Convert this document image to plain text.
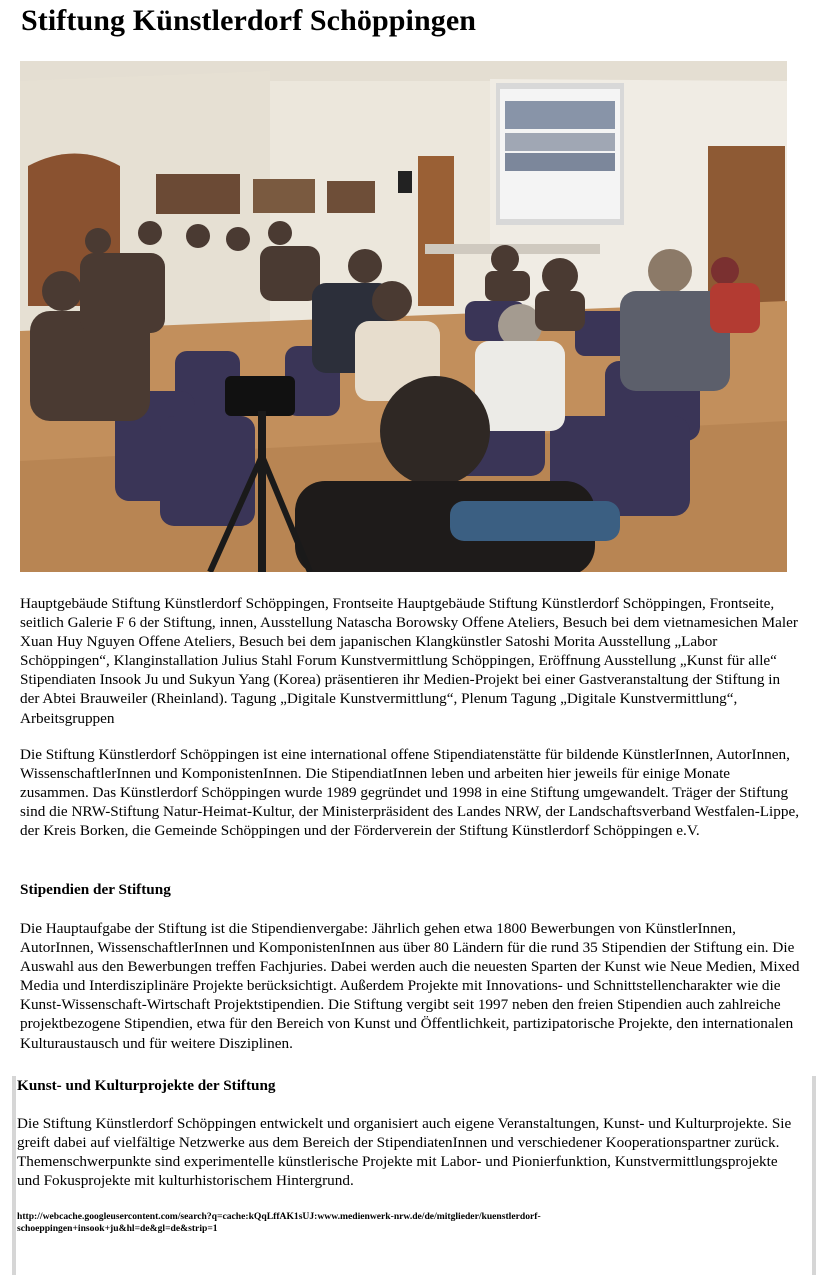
Stiftung Künstlerdorf Schöppingen

Hauptgebäude Stiftung Künstlerdorf Schöppingen, Frontseite Hauptgebäude Stiftung Künstlerdorf Schöppingen, Frontseite, seitlich Galerie F 6 der Stiftung, innen, Ausstellung Natascha Borowsky Offene Ateliers, Besuch bei dem vietnamesichen Maler Xuan Huy Nguyen Offene Ateliers, Besuch bei dem japanischen Klangkünstler Satoshi Morita Ausstellung „Labor Schöppingen“, Klanginstallation Julius Stahl Forum Kunstvermittlung Schöppingen, Eröffnung Ausstellung „Kunst für alle“ Stipendiaten Insook Ju und Sukyun Yang (Korea) präsentieren ihr Medien-Projekt bei einer Gastveranstaltung der Stiftung in der Abtei Brauweiler (Rheinland). Tagung „Digitale Kunstvermittlung“, Plenum Tagung „Digitale Kunstvermittlung“, Arbeitsgruppen

Die Stiftung Künstlerdorf Schöppingen ist eine international offene Stipendiatenstätte für bildende KünstlerInnen, AutorInnen, WissenschaftlerInnen und KomponistenInnen. Die StipendiatInnen leben und arbeiten hier jeweils für einige Monate zusammen. Das Künstlerdorf Schöppingen wurde 1989 gegründet und 1998 in eine Stiftung umgewandelt. Träger der Stiftung sind die NRW-Stiftung Natur-Heimat-Kultur, der Ministerpräsident des Landes NRW, der Landschaftsverband Westfalen-Lippe, der Kreis Borken, die Gemeinde Schöppingen und der Förderverein der Stiftung Künstlerdorf Schöppingen e.V.

Stipendien der Stiftung

Die Hauptaufgabe der Stiftung ist die Stipendienvergabe: Jährlich gehen etwa 1800 Bewerbungen von KünstlerInnen, AutorInnen, WissenschaftlerInnen und KomponistenInnen aus über 80 Ländern für die rund 35 Stipendien der Stiftung ein. Die Auswahl aus den Bewerbungen treffen Fachjuries. Dabei werden auch die neuesten Sparten der Kunst wie Neue Medien, Mixed Media und Interdisziplinäre Projekte berücksichtigt. Außerdem Projekte mit Innovations- und Schnittstellencharakter wie die Kunst-Wissenschaft-Wirtschaft Projektstipendien. Die Stiftung vergibt seit 1997 neben den freien Stipendien auch zahlreiche projektbezogene Stipendien, etwa für den Bereich von Kunst und Öffentlichkeit, partizipatorische Projekte, den internationalen Kulturaustausch und für weitere Disziplinen.

Kunst- und Kulturprojekte der Stiftung

Die Stiftung Künstlerdorf Schöppingen entwickelt und organisiert auch eigene Veranstaltungen, Kunst- und Kulturprojekte. Sie greift dabei auf vielfältige Netzwerke aus dem Bereich der StipendiatenInnen und verschiedener Kooperationspartner zurück. Themenschwerpunkte sind experimentelle künstlerische Projekte mit Labor- und Pionierfunktion, Kunstvermittlungsprojekte und Fokusprojekte mit kulturhistorischem Hintergrund.

http://webcache.googleusercontent.com/search?q=cache:kQqLffAK1sUJ:www.medienwerk-nrw.de/de/mitglieder/kuenstlerdorf-schoeppingen+insook+ju&hl=de&gl=de&strip=1
